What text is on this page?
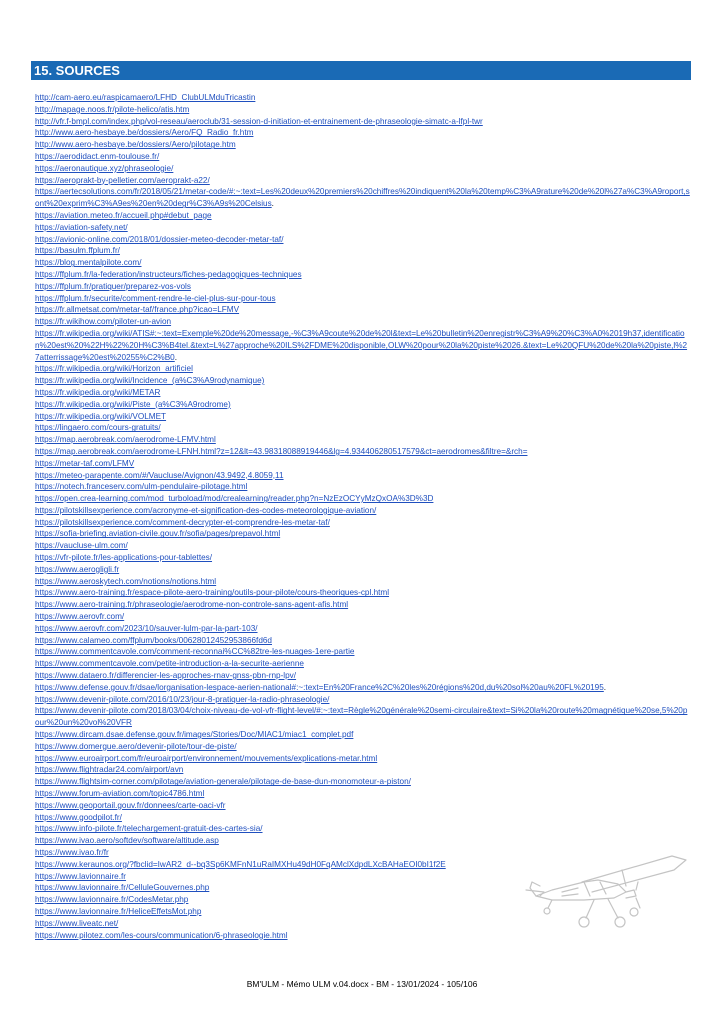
15. SOURCES
http://cam-aero.eu/raspicamaero/LFHD_ClubULMduTricastin
http://mapage.noos.fr/pilote-helico/atis.htm
http://vfr.f-bmpl.com/index.php/vol-reseau/aeroclub/31-session-d-initiation-et-entrainement-de-phraseologie-simatc-a-lfpl-twr
http://www.aero-hesbaye.be/dossiers/Aero/FQ_Radio_fr.htm
http://www.aero-hesbaye.be/dossiers/Aero/pilotage.htm
https://aerodidact.enm-toulouse.fr/
https://aeronautique.xyz/phraseologie/
https://aeroprakt-by-pelletier.com/aeroprakt-a22/
https://aertecsolutions.com/fr/2018/05/21/metar-code/#:~:text=Les%20deux%20premiers%20chiffres%20indiquent%20la%20temp%C3%A9rature%20de%20l%27a%C3%A9roport,sont%20exprim%C3%A9es%20en%20degr%C3%A9s%20Celsius.
https://aviation.meteo.fr/accueil.php#debut_page
https://aviation-safety.net/
https://avionic-online.com/2018/01/dossier-meteo-decoder-metar-taf/
https://basulm.ffplum.fr/
https://blog.mentalpilote.com/
https://ffplum.fr/la-federation/instructeurs/fiches-pedagogiques-techniques
https://ffplum.fr/pratiquer/preparez-vos-vols
https://ffplum.fr/securite/comment-rendre-le-ciel-plus-sur-pour-tous
https://fr.allmetsat.com/metar-taf/france.php?icao=LFMV
https://fr.wikihow.com/piloter-un-avion
https://fr.wikipedia.org/wiki/ATIS#:~:text=Exemple%20de%20message,-%C3%A9coute%20de%20l&text=Le%20bulletin%20enregistr%C3%A9%20%C3%A0%2019h37,identification%20est%20%22H%22%20H%C3%B4tel.&text=L%27approche%20ILS%2FDME%20disponible,OLW%20pour%20la%20piste%2026.&text=Le%20QFU%20de%20la%20piste,l%27atterrissage%20est%20255%C2%B0.
https://fr.wikipedia.org/wiki/Horizon_artificiel
https://fr.wikipedia.org/wiki/Incidence_(a%C3%A9rodynamique)
https://fr.wikipedia.org/wiki/METAR
https://fr.wikipedia.org/wiki/Piste_(a%C3%A9rodrome)
https://fr.wikipedia.org/wiki/VOLMET
https://lingaero.com/cours-gratuits/
https://map.aerobreak.com/aerodrome-LFMV.html
https://map.aerobreak.com/aerodrome-LFNH.html?z=12&lt=43.98318088919446&lg=4.934406280517579&ct=aerodromes&filtre=&rch=
https://metar-taf.com/LFMV
https://meteo-parapente.com/#/Vaucluse/Avignon/43.9492,4.8059,11
https://notech.franceserv.com/ulm-pendulaire-pilotage.html
https://open.crea-learning.com/mod_turboload/mod/crealearning/reader.php?n=NzEzOCYyMzQxOA%3D%3D
https://pilotskillsexperience.com/acronyme-et-signification-des-codes-meteorologique-aviation/
https://pilotskillsexperience.com/comment-decrypter-et-comprendre-les-metar-taf/
https://sofia-briefing.aviation-civile.gouv.fr/sofia/pages/prepavol.html
https://vaucluse-ulm.com/
https://vfr-pilote.fr/les-applications-pour-tablettes/
https://www.aerogligli.fr
https://www.aeroskytech.com/notions/notions.html
https://www.aero-training.fr/espace-pilote-aero-training/outils-pour-pilote/cours-theoriques-cpl.html
https://www.aero-training.fr/phraseologie/aerodrome-non-controle-sans-agent-afis.html
https://www.aerovfr.com/
https://www.aerovfr.com/2023/10/sauver-lulm-par-la-part-103/
https://www.calameo.com/ffplum/books/00628012452953866fd6d
https://www.commentcavole.com/comment-reconnai%CC%82tre-les-nuages-1ere-partie
https://www.commentcavole.com/petite-introduction-a-la-securite-aerienne
https://www.dataero.fr/differencier-les-approches-rnav-gnss-pbn-rnp-lpv/
https://www.defense.gouv.fr/dsae/lorganisation-lespace-aerien-national#:~:text=En%20France%2C%20les%20régions%20d,du%20sol%20au%20FL%20195.
https://www.devenir-pilote.com/2016/10/23/jour-8-pratiquer-la-radio-phraseologie/
https://www.devenir-pilote.com/2018/03/04/choix-niveau-de-vol-vfr-flight-level/#:~:text=Règle%20générale%20semi-circulaire&text=Si%20la%20route%20magnétique%20se,5%20pour%20un%20vol%20VFR
https://www.dircam.dsae.defense.gouv.fr/images/Stories/Doc/MIAC1/miac1_complet.pdf
https://www.domergue.aero/devenir-pilote/tour-de-piste/
https://www.euroairport.com/fr/euroairport/environnement/mouvements/explications-metar.html
https://www.flightradar24.com/airport/avn
https://www.flightsim-corner.com/pilotage/aviation-generale/pilotage-de-base-dun-monomoteur-a-piston/
https://www.forum-aviation.com/topic4786.html
https://www.geoportail.gouv.fr/donnees/carte-oaci-vfr
https://www.goodpilot.fr/
https://www.info-pilote.fr/telechargement-gratuit-des-cartes-sia/
https://www.ivao.aero/softdev/software/altitude.asp
https://www.ivao.fr/fr
https://www.keraunos.org/?fbclid=IwAR2_d--bq3Sp6KMFnN1uRaIMXHu49dH0FqAMclXdpdLXcBAHaEOI0bI1f2E
https://www.lavionnaire.fr
https://www.lavionnaire.fr/CelluleGouvernes.php
https://www.lavionnaire.fr/CodesMetar.php
https://www.lavionnaire.fr/HeliceEffetsMot.php
https://www.liveatc.net/
https://www.pilotez.com/les-cours/communication/6-phraseologie.html
BM'ULM - Mémo ULM v.04.docx - BM - 13/01/2024 - 105/106
